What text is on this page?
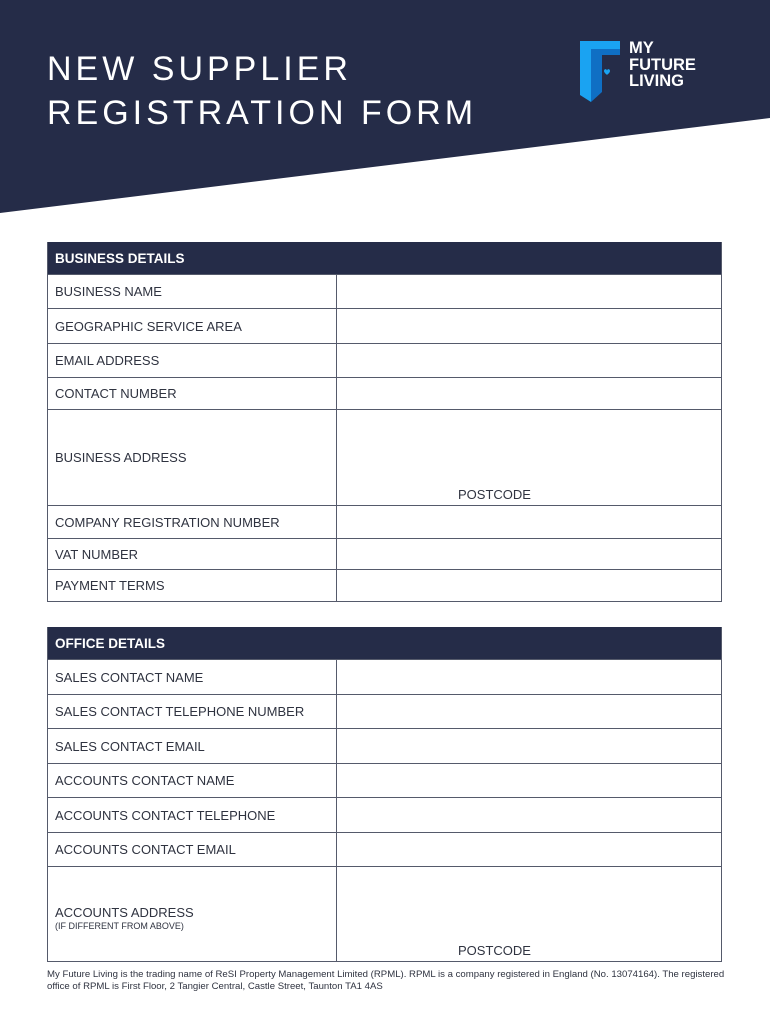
NEW SUPPLIER
REGISTRATION FORM
MY
FUTURE
LIVING
BUSINESS DETAILS
BUSINESS NAME
GEOGRAPHIC SERVICE AREA
EMAIL ADDRESS
CONTACT NUMBER
BUSINESS ADDRESS
POSTCODE
COMPANY REGISTRATION NUMBER
VAT NUMBER
PAYMENT TERMS
OFFICE DETAILS
SALES CONTACT NAME
SALES CONTACT TELEPHONE NUMBER
SALES CONTACT EMAIL
ACCOUNTS CONTACT NAME
ACCOUNTS CONTACT TELEPHONE
ACCOUNTS CONTACT EMAIL
ACCOUNTS ADDRESS
(IF DIFFERENT FROM ABOVE)
POSTCODE

My Future Living is the trading name of ReSI Property Management Limited (RPML). RPML is a company registered in England (No. 13074164). The registered office of RPML is First Floor, 2 Tangier Central, Castle Street, Taunton TA1 4AS
